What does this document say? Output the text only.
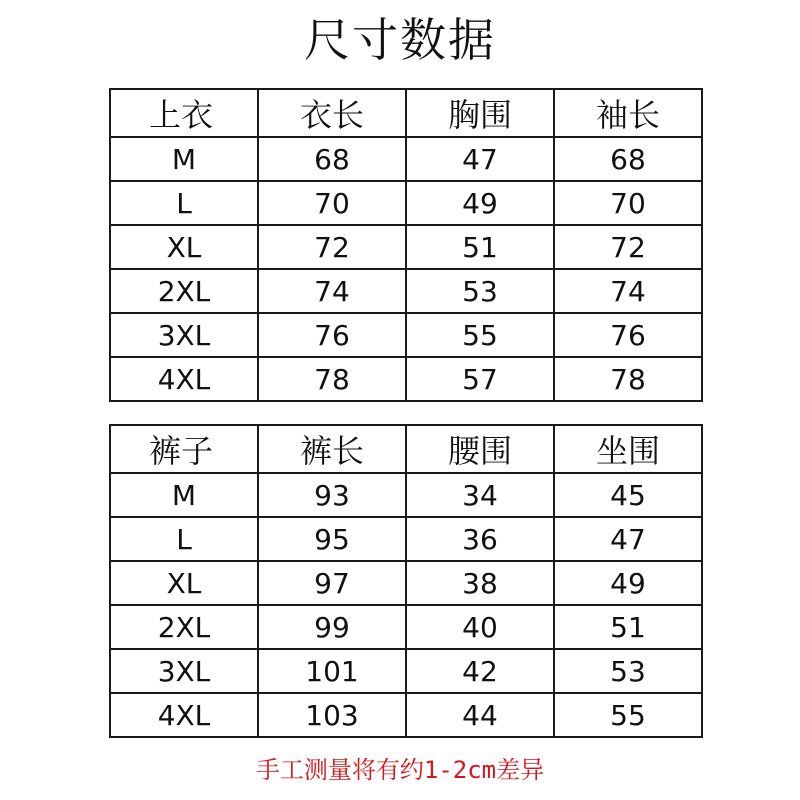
尺寸数据
上衣	衣长	胸围	袖长
M	68	47	68
L	70	49	70
XL	72	51	72
2XL	74	53	74
3XL	76	55	76
4XL	78	57	78
裤子	裤长	腰围	坐围
M	93	34	45
L	95	36	47
XL	97	38	49
2XL	99	40	51
3XL	101	42	53
4XL	103	44	55
手工测量将有约1-2cm差异
